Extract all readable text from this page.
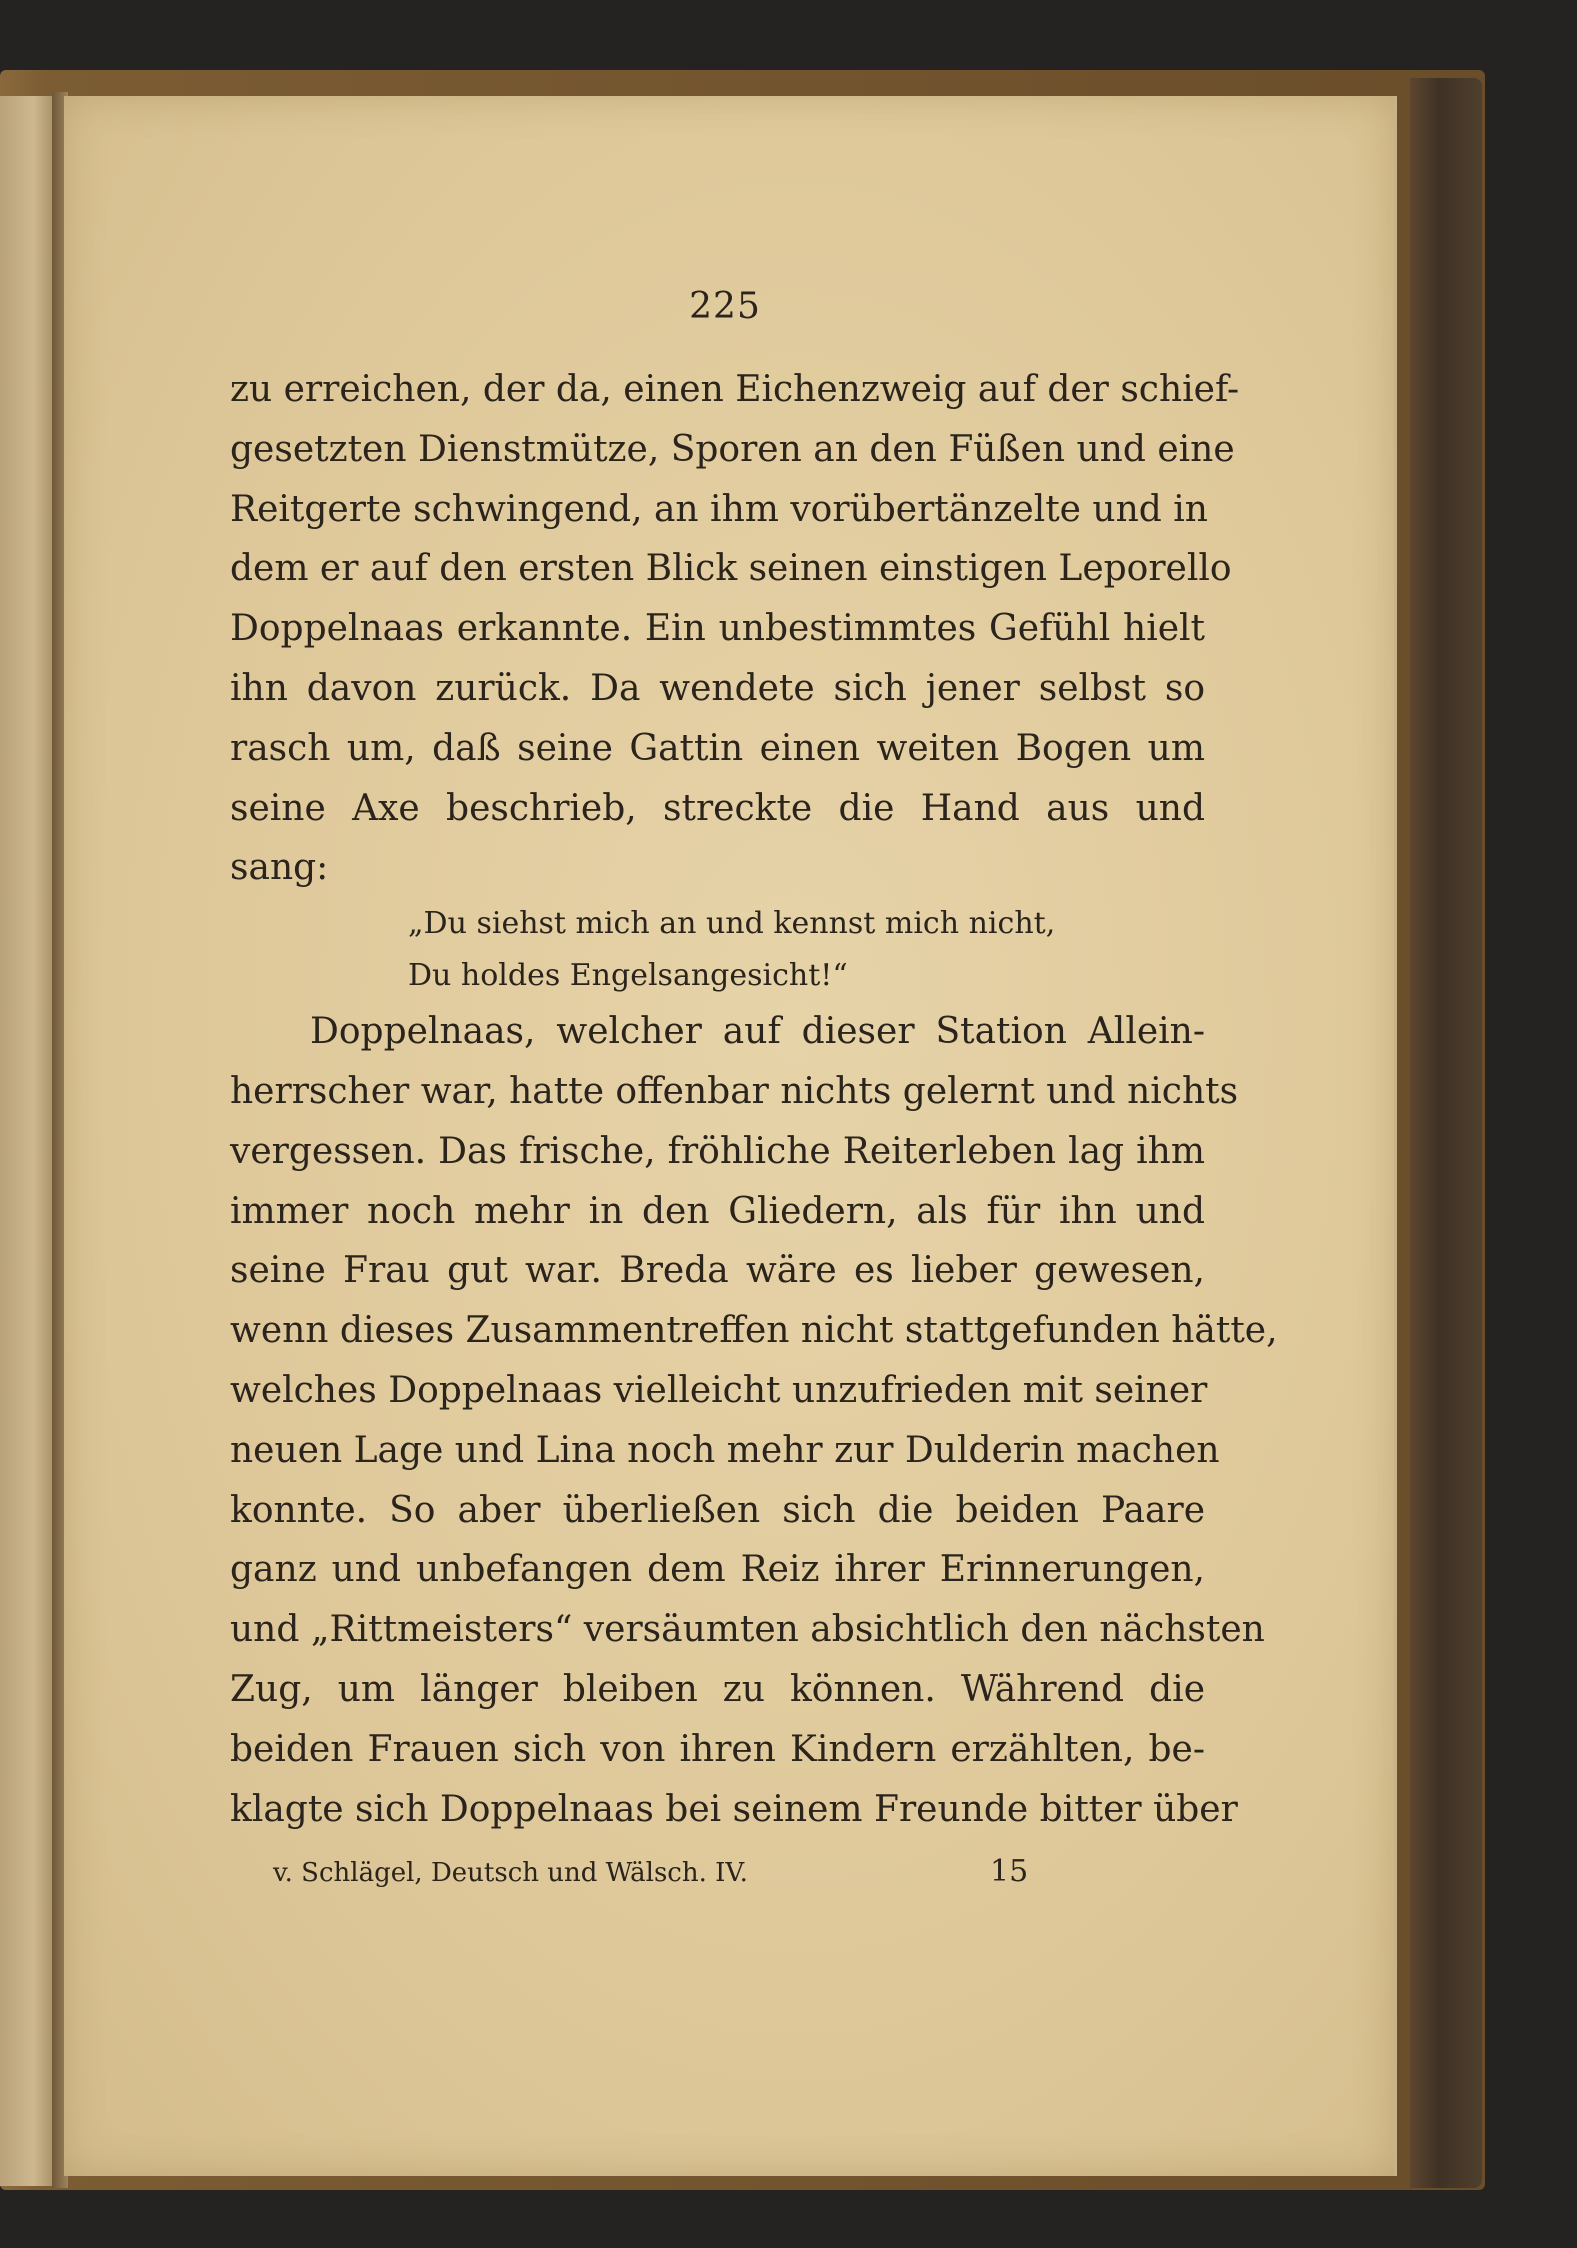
225
zu erreichen, der da, einen Eichenzweig auf der schief-
gesetzten Dienstmütze, Sporen an den Füßen und eine
Reitgerte schwingend, an ihm vorübertänzelte und in
dem er auf den ersten Blick seinen einstigen Leporello
Doppelnaas erkannte. Ein unbestimmtes Gefühl hielt
ihn davon zurück. Da wendete sich jener selbst so
rasch um, daß seine Gattin einen weiten Bogen um
seine Axe beschrieb, streckte die Hand aus und
sang:
„Du siehst mich an und kennst mich nicht,
Du holdes Engelsangesicht!“
Doppelnaas, welcher auf dieser Station Allein-
herrscher war, hatte offenbar nichts gelernt und nichts
vergessen. Das frische, fröhliche Reiterleben lag ihm
immer noch mehr in den Gliedern, als für ihn und
seine Frau gut war. Breda wäre es lieber gewesen,
wenn dieses Zusammentreffen nicht stattgefunden hätte,
welches Doppelnaas vielleicht unzufrieden mit seiner
neuen Lage und Lina noch mehr zur Dulderin machen
konnte. So aber überließen sich die beiden Paare
ganz und unbefangen dem Reiz ihrer Erinnerungen,
und „Rittmeisters“ versäumten absichtlich den nächsten
Zug, um länger bleiben zu können. Während die
beiden Frauen sich von ihren Kindern erzählten, be-
klagte sich Doppelnaas bei seinem Freunde bitter über
v. Schlägel, Deutsch und Wälsch. IV.	15
